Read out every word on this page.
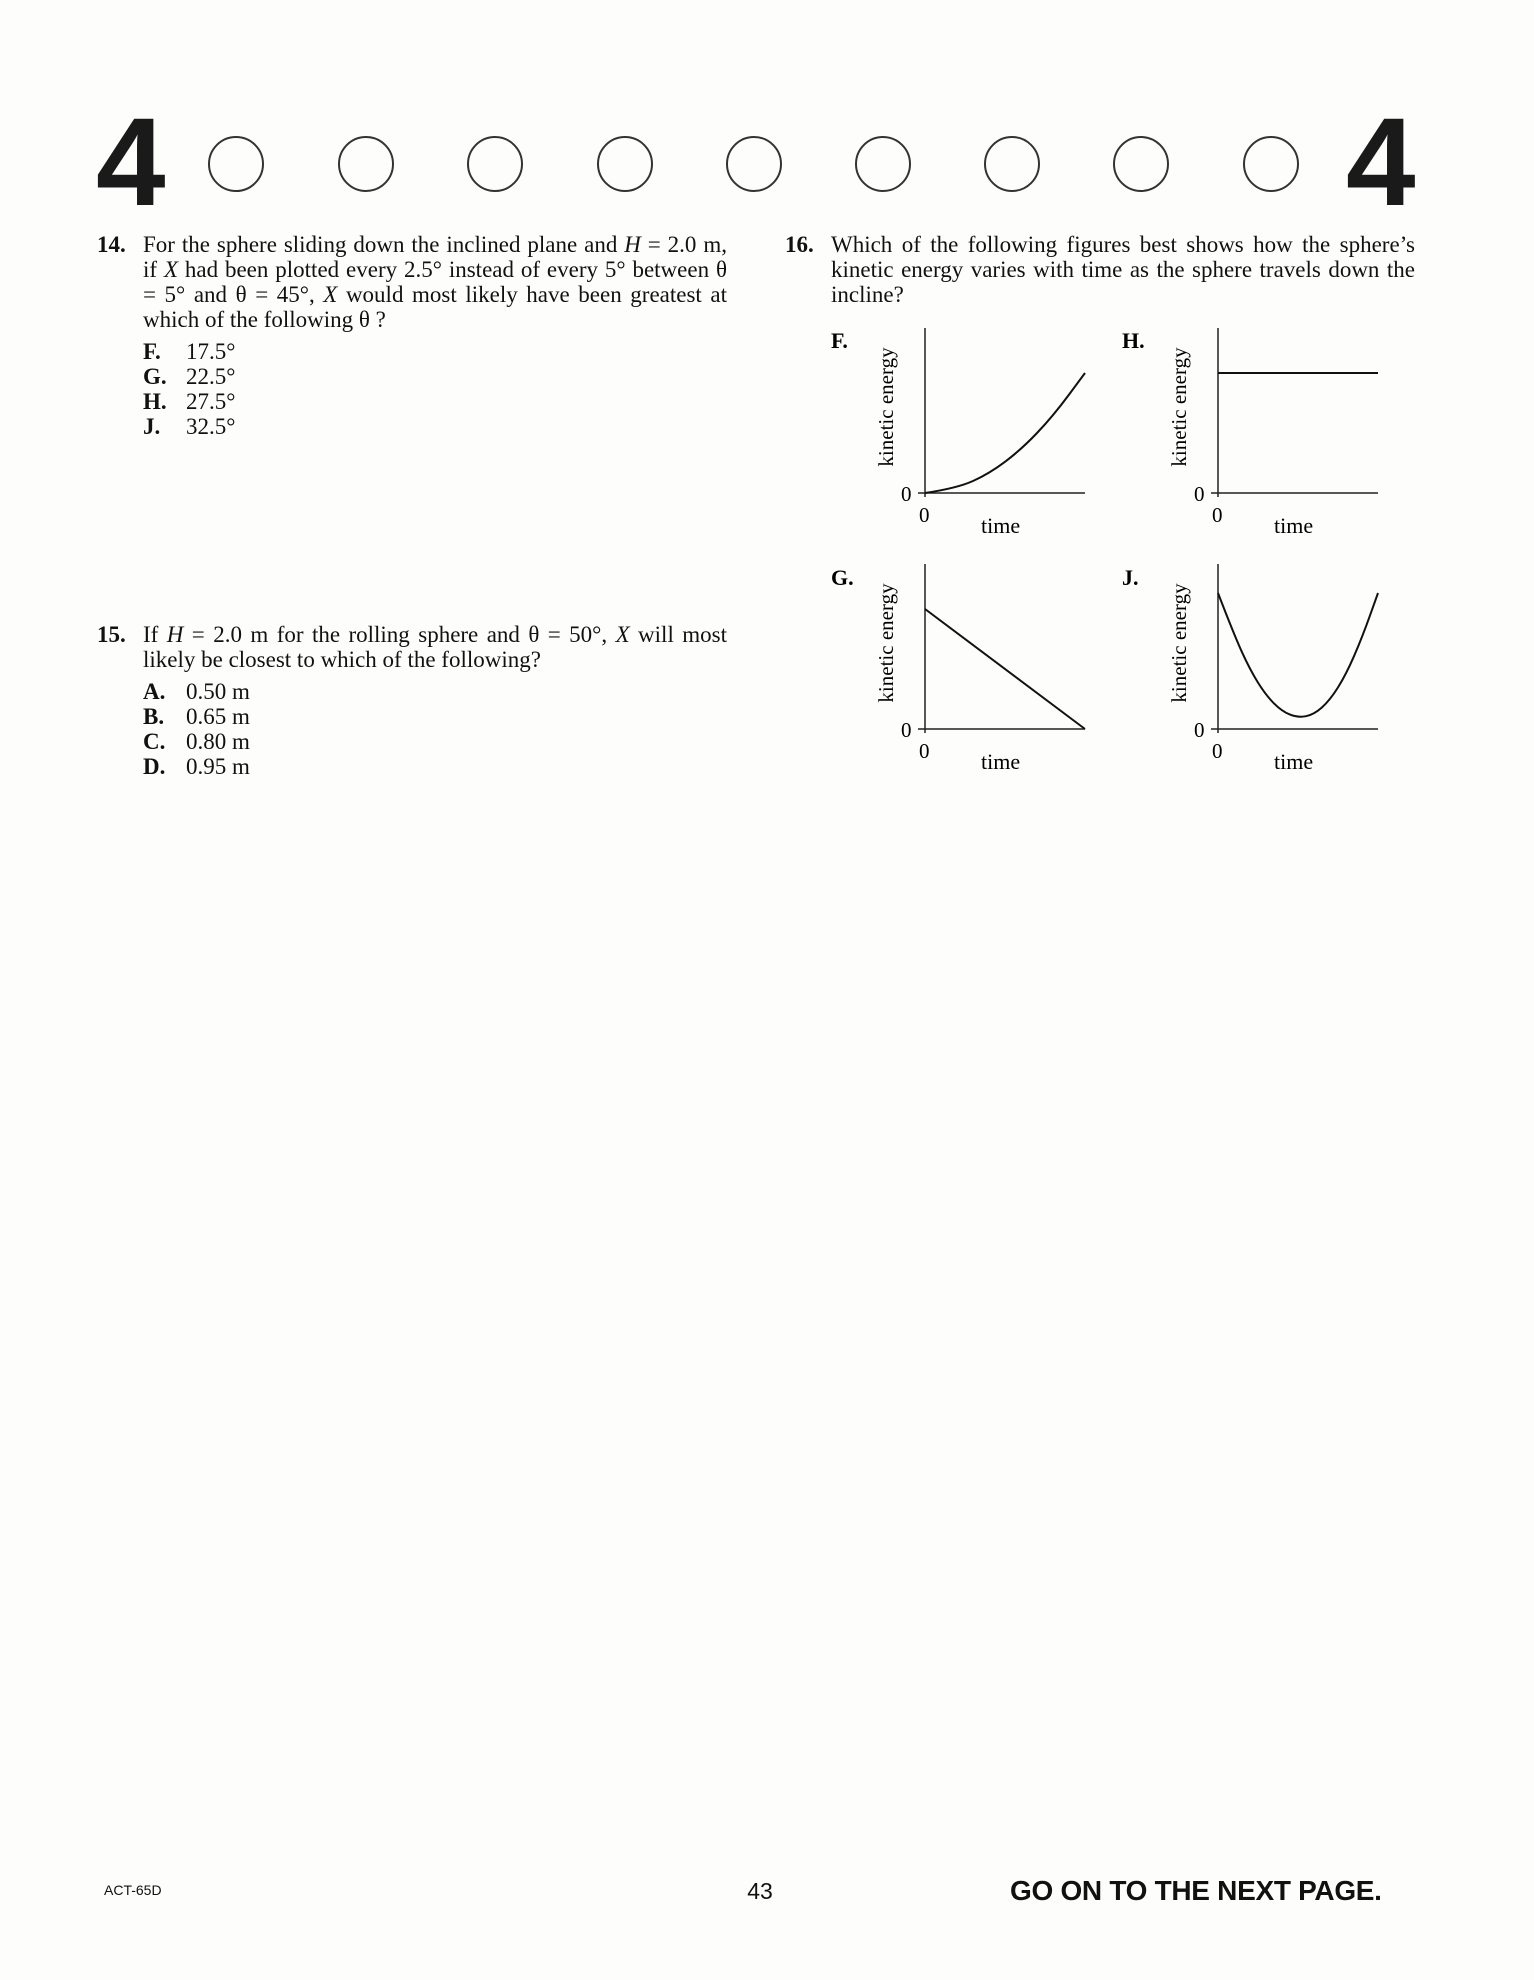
4	4
14. For the sphere sliding down the inclined plane and H = 2.0 m, if X had been plotted every 2.5° instead of every 5° between θ = 5° and θ = 45°, X would most likely have been greatest at which of the following θ ?
F. 17.5°
G. 22.5°
H. 27.5°
J. 32.5°
15. If H = 2.0 m for the rolling sphere and θ = 50°, X will most likely be closest to which of the following?
A. 0.50 m
B. 0.65 m
C. 0.80 m
D. 0.95 m
16. Which of the following figures best shows how the sphere’s kinetic energy varies with time as the sphere travels down the incline?
F.
0
0 time
kinetic energy
H.
0
0 time
kinetic energy
G.
0
0 time
kinetic energy
J.
0
0 time
kinetic energy
ACT-65D	43	GO ON TO THE NEXT PAGE.
